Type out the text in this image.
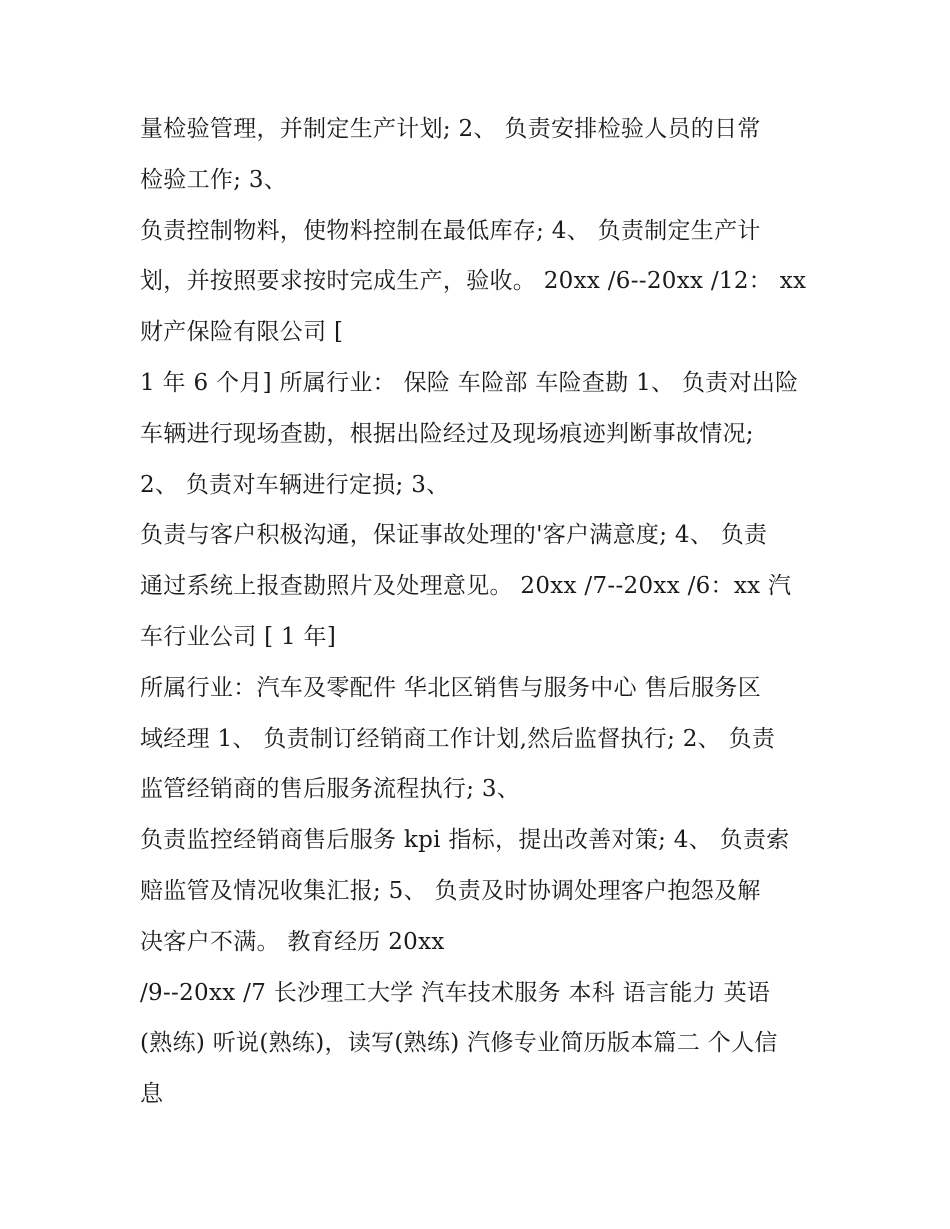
量检验管理，并制定生产计划; 2、 负责安排检验人员的日常
检验工作; 3、
负责控制物料，使物料控制在最低库存; 4、 负责制定生产计
划，并按照要求按时完成生产，验收。 20xx /6--20xx /12： xx
财产保险有限公司 [
1 年 6 个月] 所属行业： 保险 车险部 车险查勘 1、 负责对出险
车辆进行现场查勘，根据出险经过及现场痕迹判断事故情况;
2、 负责对车辆进行定损; 3、
负责与客户积极沟通，保证事故处理的'客户满意度; 4、 负责
通过系统上报查勘照片及处理意见。 20xx /7--20xx /6：xx 汽
车行业公司 [ 1 年]
所属行业：汽车及零配件 华北区销售与服务中心 售后服务区
域经理 1、 负责制订经销商工作计划,然后监督执行; 2、 负责
监管经销商的售后服务流程执行; 3、
负责监控经销商售后服务 kpi 指标，提出改善对策; 4、 负责索
赔监管及情况收集汇报; 5、 负责及时协调处理客户抱怨及解
决客户不满。 教育经历 20xx
/9--20xx /7 长沙理工大学 汽车技术服务 本科 语言能力 英语
(熟练) 听说(熟练)，读写(熟练) 汽修专业简历版本篇二 个人信
息
